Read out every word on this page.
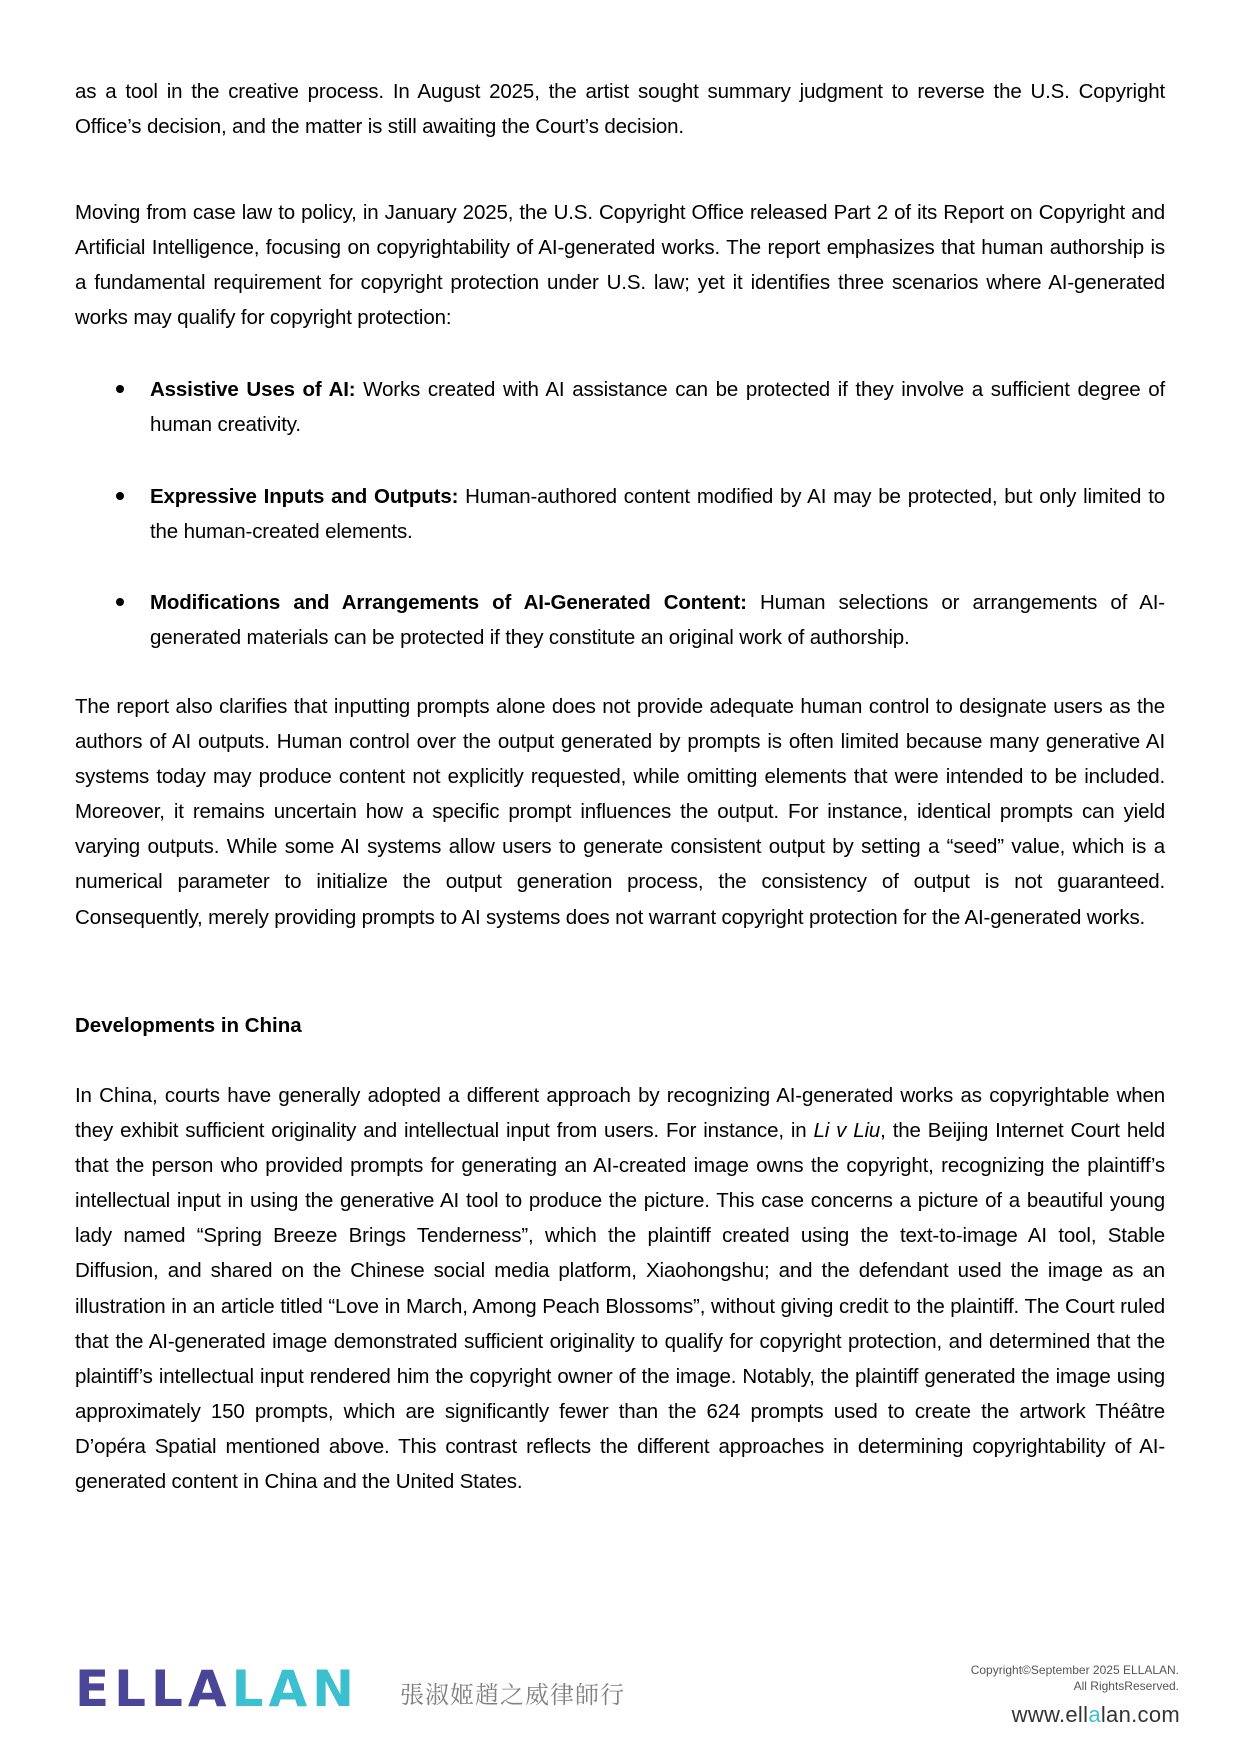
as a tool in the creative process. In August 2025, the artist sought summary judgment to reverse the U.S. Copyright Office’s decision, and the matter is still awaiting the Court’s decision.

Moving from case law to policy, in January 2025, the U.S. Copyright Office released Part 2 of its Report on Copyright and Artificial Intelligence, focusing on copyrightability of AI-generated works. The report emphasizes that human authorship is a fundamental requirement for copyright protection under U.S. law; yet it identifies three scenarios where AI-generated works may qualify for copyright protection:

Assistive Uses of AI: Works created with AI assistance can be protected if they involve a sufficient degree of human creativity.
Expressive Inputs and Outputs: Human-authored content modified by AI may be protected, but only limited to the human-created elements.
Modifications and Arrangements of AI-Generated Content: Human selections or arrangements of AI-generated materials can be protected if they constitute an original work of authorship.

The report also clarifies that inputting prompts alone does not provide adequate human control to designate users as the authors of AI outputs. Human control over the output generated by prompts is often limited because many generative AI systems today may produce content not explicitly requested, while omitting elements that were intended to be included. Moreover, it remains uncertain how a specific prompt influences the output. For instance, identical prompts can yield varying outputs. While some AI systems allow users to generate consistent output by setting a “seed” value, which is a numerical parameter to initialize the output generation process, the consistency of output is not guaranteed. Consequently, merely providing prompts to AI systems does not warrant copyright protection for the AI-generated works.

Developments in China

In China, courts have generally adopted a different approach by recognizing AI-generated works as copyrightable when they exhibit sufficient originality and intellectual input from users. For instance, in Li v Liu, the Beijing Internet Court held that the person who provided prompts for generating an AI-created image owns the copyright, recognizing the plaintiff’s intellectual input in using the generative AI tool to produce the picture. This case concerns a picture of a beautiful young lady named “Spring Breeze Brings Tenderness”, which the plaintiff created using the text-to-image AI tool, Stable Diffusion, and shared on the Chinese social media platform, Xiaohongshu; and the defendant used the image as an illustration in an article titled “Love in March, Among Peach Blossoms”, without giving credit to the plaintiff. The Court ruled that the AI-generated image demonstrated sufficient originality to qualify for copyright protection, and determined that the plaintiff’s intellectual input rendered him the copyright owner of the image. Notably, the plaintiff generated the image using approximately 150 prompts, which are significantly fewer than the 624 prompts used to create the artwork Théâtre D’opéra Spatial mentioned above. This contrast reflects the different approaches in determining copyrightability of AI-generated content in China and the United States.

ELLA LAN 張淑姬趙之威律師行
Copyright©September 2025 ELLALAN.
All RightsReserved.
www.ellalan.com
